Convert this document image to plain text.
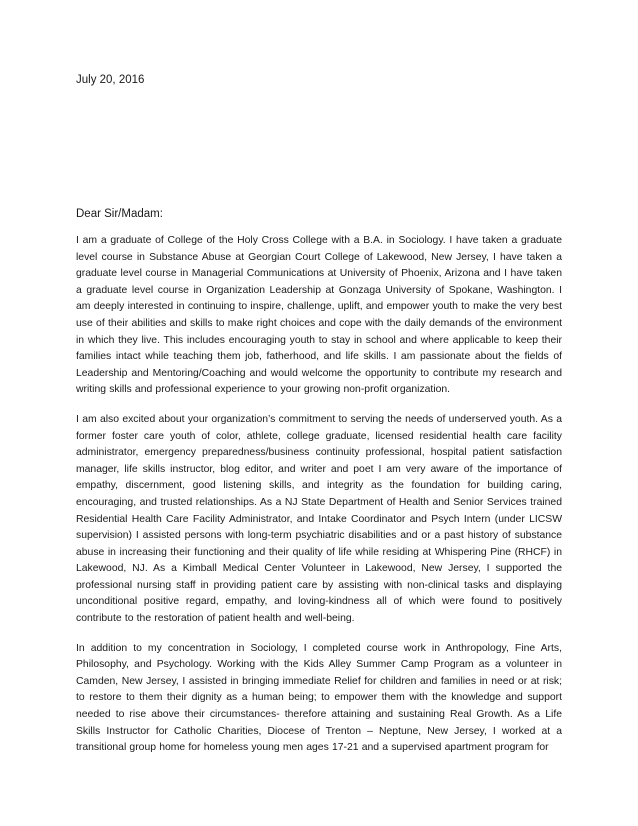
July 20, 2016

Dear Sir/Madam:

I am a graduate of College of the Holy Cross College with a B.A. in Sociology. I have taken a graduate level course in Substance Abuse at Georgian Court College of Lakewood, New Jersey, I have taken a graduate level course in Managerial Communications at University of Phoenix, Arizona and I have taken a graduate level course in Organization Leadership at Gonzaga University of Spokane, Washington. I am deeply interested in continuing to inspire, challenge, uplift, and empower youth to make the very best use of their abilities and skills to make right choices and cope with the daily demands of the environment in which they live. This includes encouraging youth to stay in school and where applicable to keep their families intact while teaching them job, fatherhood, and life skills. I am passionate about the fields of Leadership and Mentoring/Coaching and would welcome the opportunity to contribute my research and writing skills and professional experience to your growing non-profit organization.

I am also excited about your organization’s commitment to serving the needs of underserved youth. As a former foster care youth of color, athlete, college graduate, licensed residential health care facility administrator, emergency preparedness/business continuity professional, hospital patient satisfaction manager, life skills instructor, blog editor, and writer and poet I am very aware of the importance of empathy, discernment, good listening skills, and integrity as the foundation for building caring, encouraging, and trusted relationships. As a NJ State Department of Health and Senior Services trained Residential Health Care Facility Administrator, and Intake Coordinator and Psych Intern (under LICSW supervision) I assisted persons with long-term psychiatric disabilities and or a past history of substance abuse in increasing their functioning and their quality of life while residing at Whispering Pine (RHCF) in Lakewood, NJ. As a Kimball Medical Center Volunteer in Lakewood, New Jersey, I supported the professional nursing staff in providing patient care by assisting with non-clinical tasks and displaying unconditional positive regard, empathy, and loving-kindness all of which were found to positively contribute to the restoration of patient health and well-being.

In addition to my concentration in Sociology, I completed course work in Anthropology, Fine Arts, Philosophy, and Psychology. Working with the Kids Alley Summer Camp Program as a volunteer in Camden, New Jersey, I assisted in bringing immediate Relief for children and families in need or at risk; to restore to them their dignity as a human being; to empower them with the knowledge and support needed to rise above their circumstances- therefore attaining and sustaining Real Growth. As a Life Skills Instructor for Catholic Charities, Diocese of Trenton – Neptune, New Jersey, I worked at a transitional group home for homeless young men ages 17-21 and a supervised apartment program for
